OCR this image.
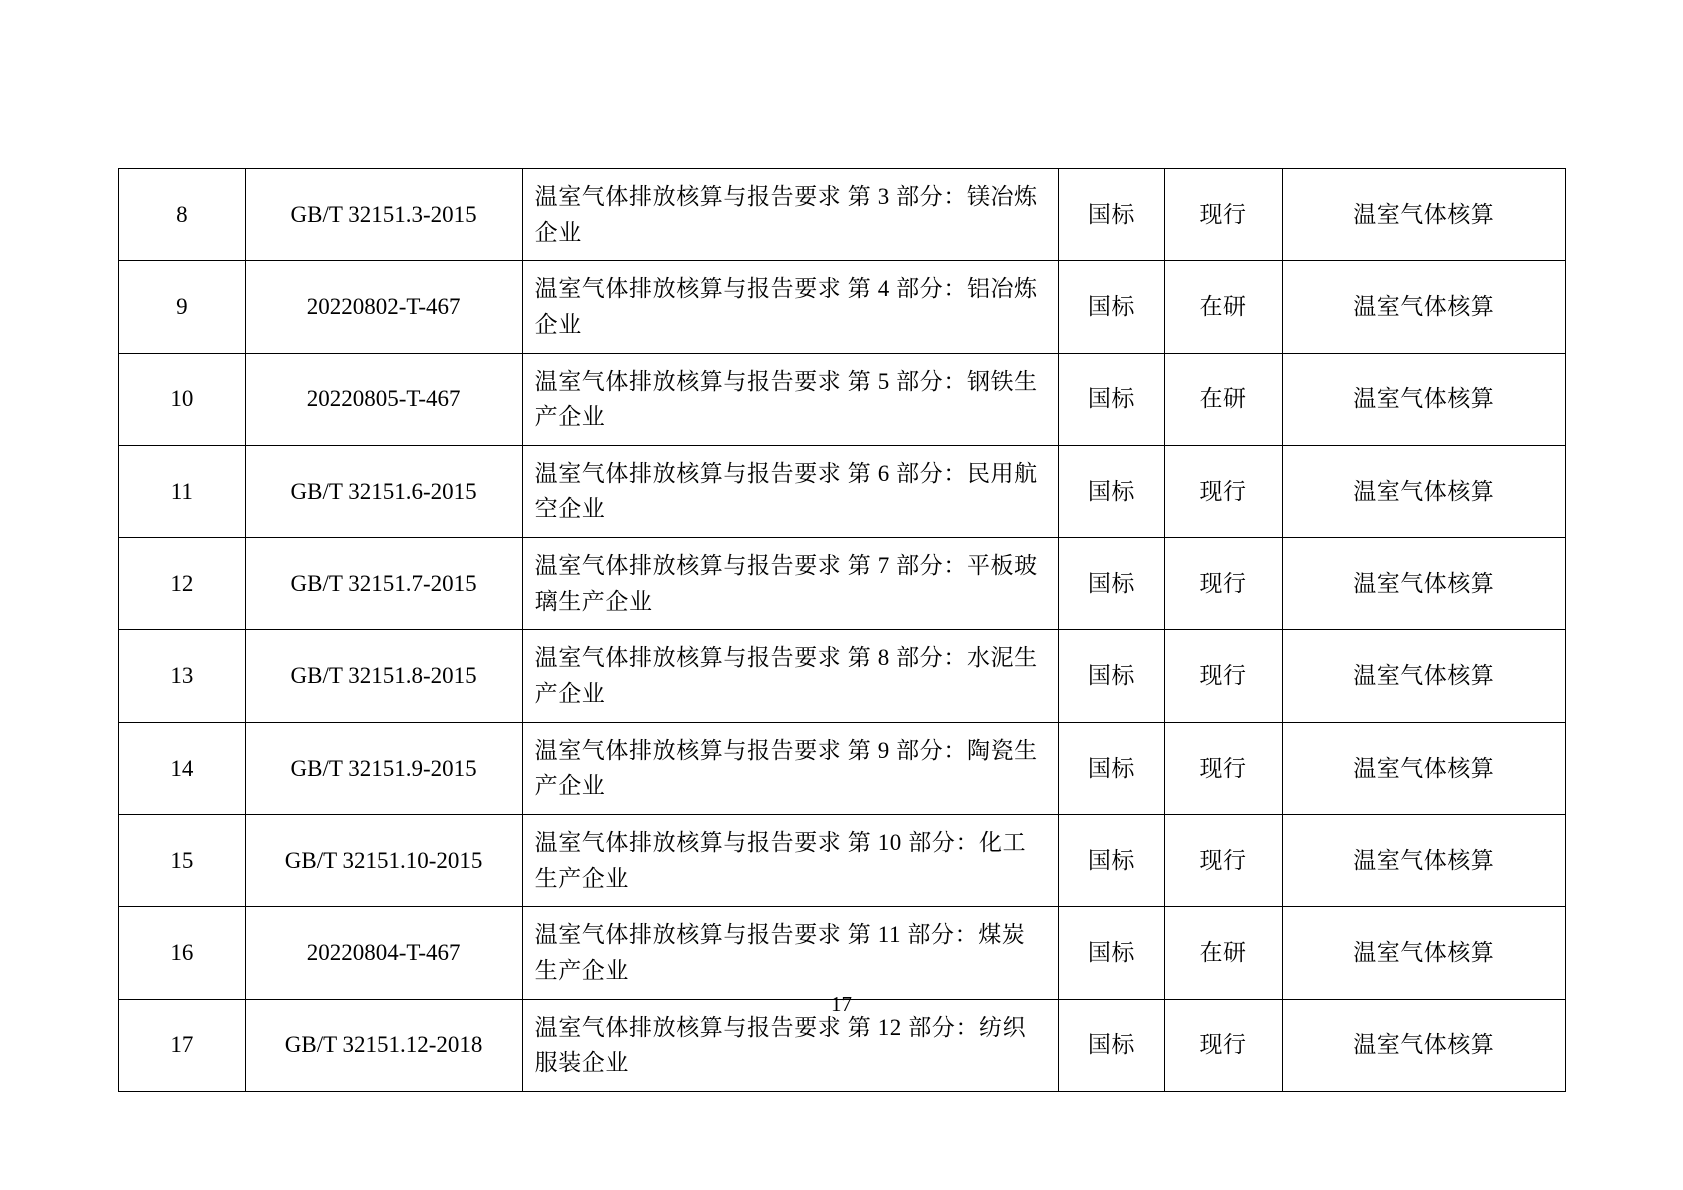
8	GB/T 32151.3-2015	温室气体排放核算与报告要求 第 3 部分：镁冶炼企业	国标	现行	温室气体核算

9	20220802-T-467	温室气体排放核算与报告要求 第 4 部分：铝冶炼企业	国标	在研	温室气体核算

10	20220805-T-467	温室气体排放核算与报告要求 第 5 部分：钢铁生产企业	国标	在研	温室气体核算

11	GB/T 32151.6-2015	温室气体排放核算与报告要求 第 6 部分：民用航空企业	国标	现行	温室气体核算

12	GB/T 32151.7-2015	温室气体排放核算与报告要求 第 7 部分：平板玻璃生产企业	国标	现行	温室气体核算

13	GB/T 32151.8-2015	温室气体排放核算与报告要求 第 8 部分：水泥生产企业	国标	现行	温室气体核算

14	GB/T 32151.9-2015	温室气体排放核算与报告要求 第 9 部分：陶瓷生产企业	国标	现行	温室气体核算

15	GB/T 32151.10-2015	温室气体排放核算与报告要求 第 10 部分：化工生产企业	国标	现行	温室气体核算

16	20220804-T-467	温室气体排放核算与报告要求 第 11 部分：煤炭生产企业	国标	在研	温室气体核算

17	GB/T 32151.12-2018	温室气体排放核算与报告要求 第 12 部分：纺织服装企业	国标	现行	温室气体核算
17
